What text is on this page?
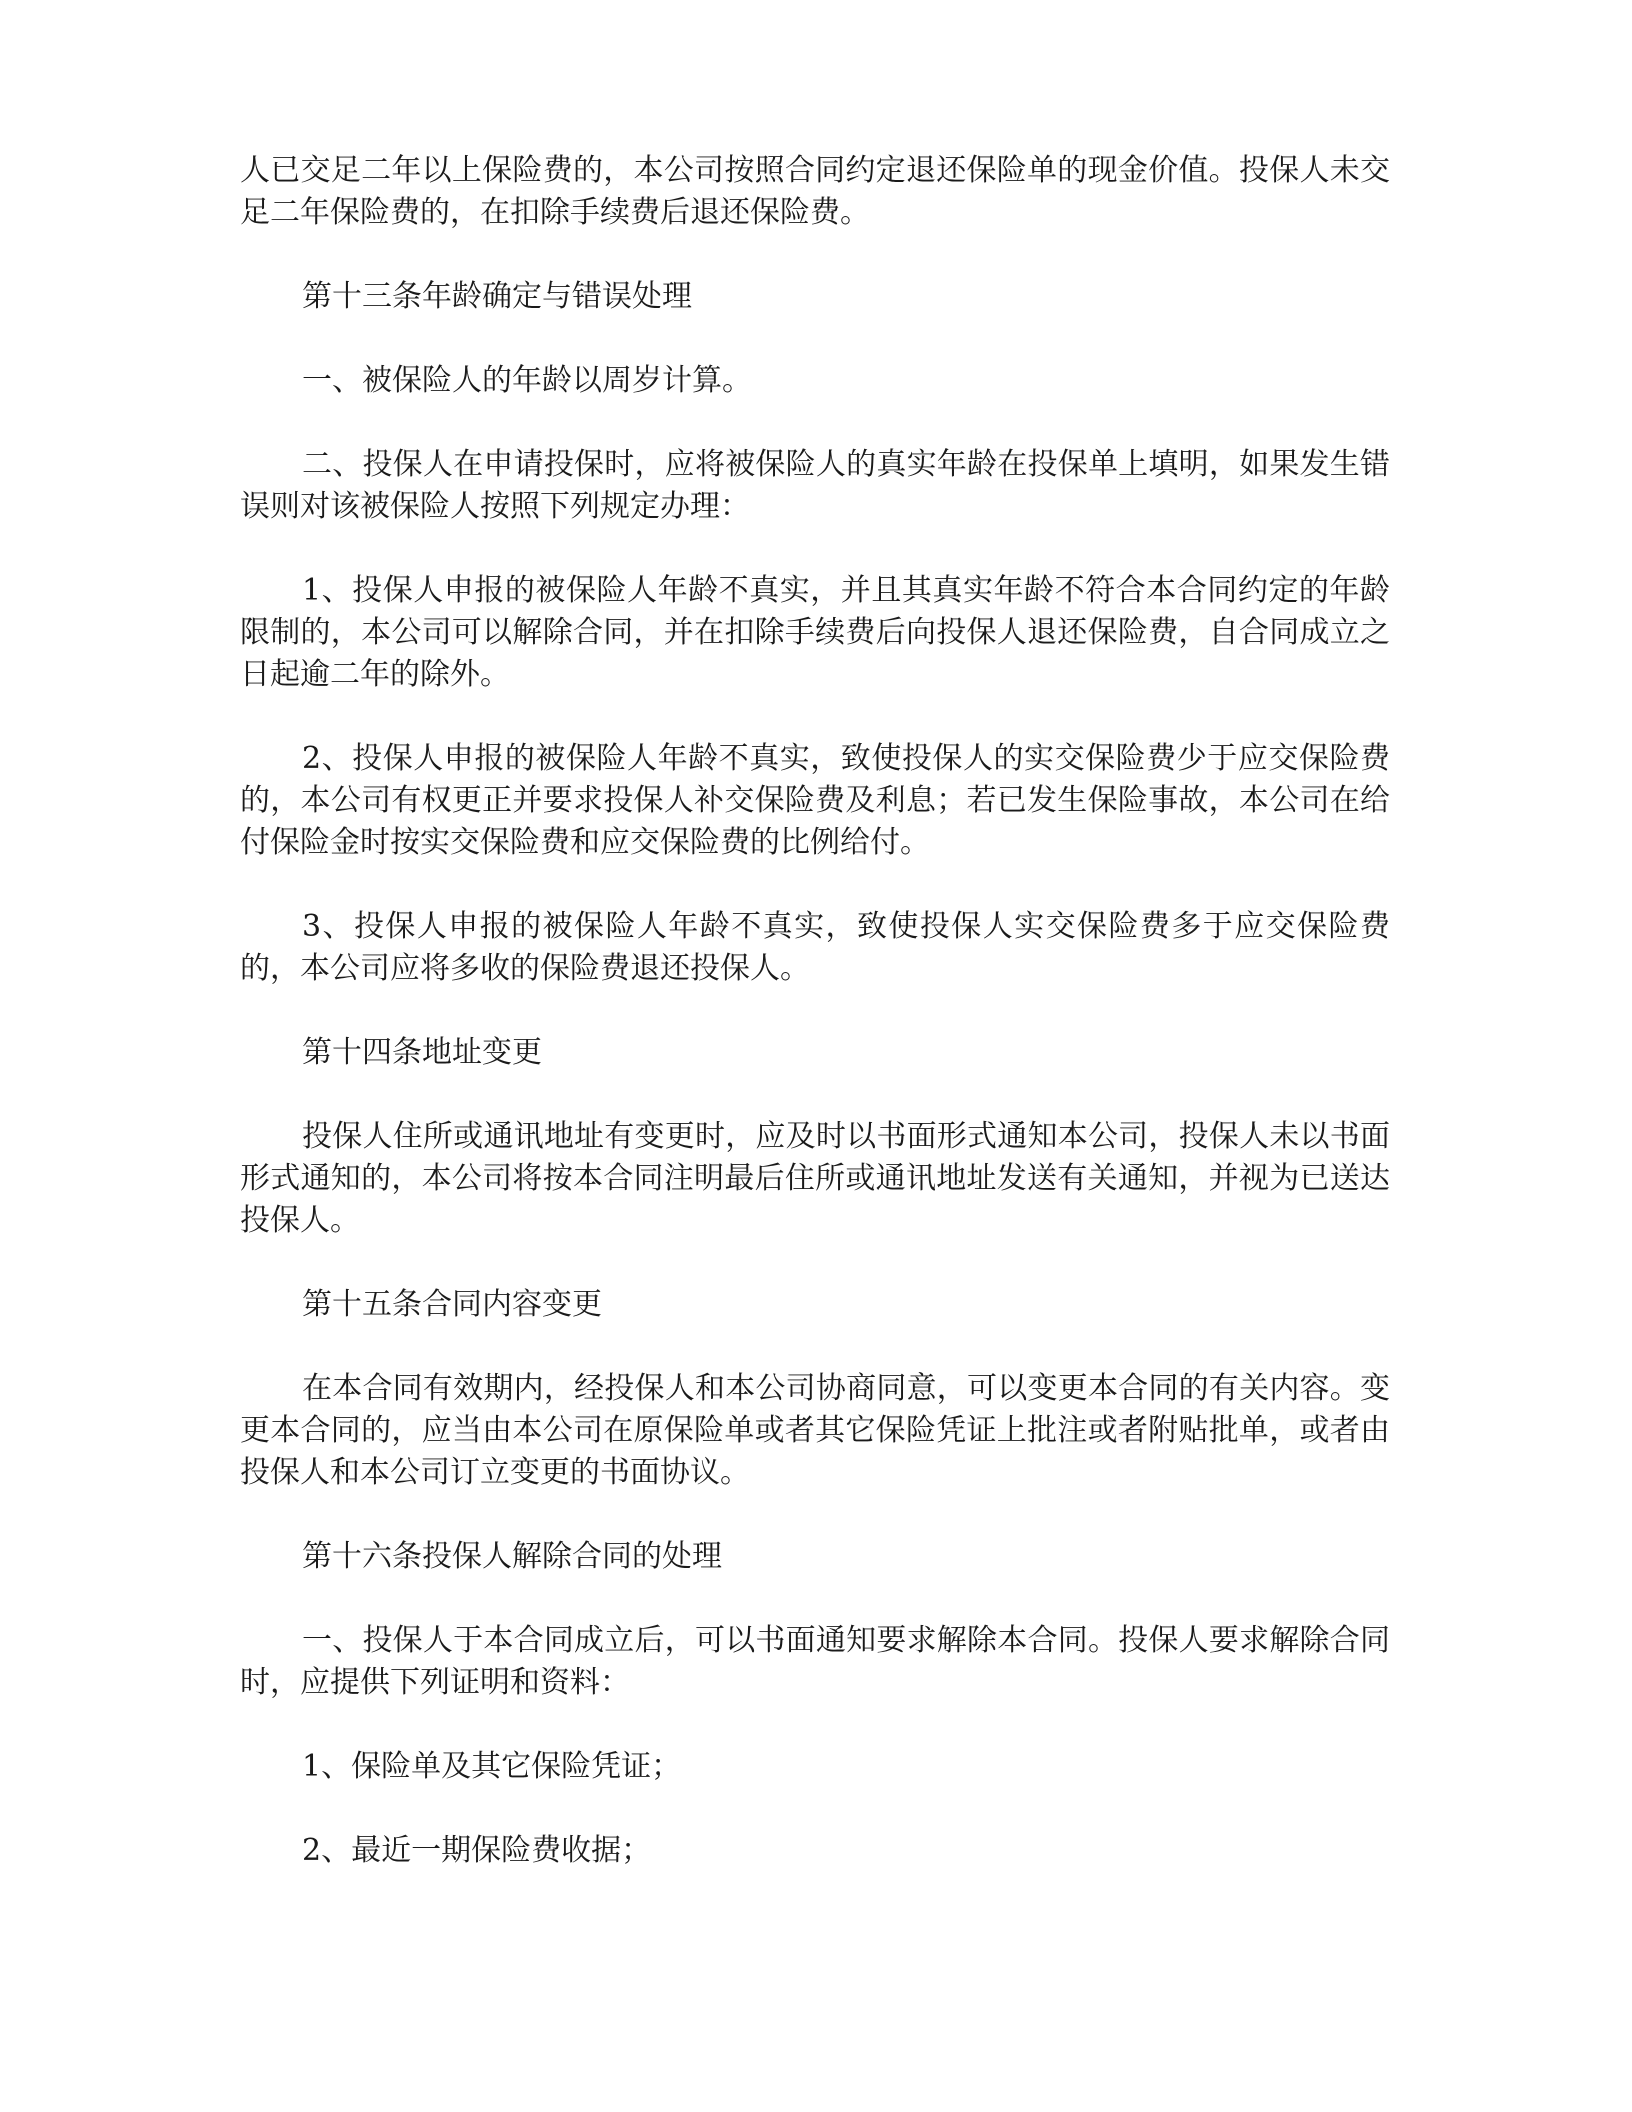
人已交足二年以上保险费的，本公司按照合同约定退还保险单的现金价值。投保人未交足二年保险费的，在扣除手续费后退还保险费。

第十三条年龄确定与错误处理

一、被保险人的年龄以周岁计算。

二、投保人在申请投保时，应将被保险人的真实年龄在投保单上填明，如果发生错误则对该被保险人按照下列规定办理：

1、投保人申报的被保险人年龄不真实，并且其真实年龄不符合本合同约定的年龄限制的，本公司可以解除合同，并在扣除手续费后向投保人退还保险费，自合同成立之日起逾二年的除外。

2、投保人申报的被保险人年龄不真实，致使投保人的实交保险费少于应交保险费的，本公司有权更正并要求投保人补交保险费及利息；若已发生保险事故，本公司在给付保险金时按实交保险费和应交保险费的比例给付。

3、投保人申报的被保险人年龄不真实，致使投保人实交保险费多于应交保险费的，本公司应将多收的保险费退还投保人。

第十四条地址变更

投保人住所或通讯地址有变更时，应及时以书面形式通知本公司，投保人未以书面形式通知的，本公司将按本合同注明最后住所或通讯地址发送有关通知，并视为已送达投保人。

第十五条合同内容变更

在本合同有效期内，经投保人和本公司协商同意，可以变更本合同的有关内容。变更本合同的，应当由本公司在原保险单或者其它保险凭证上批注或者附贴批单，或者由投保人和本公司订立变更的书面协议。

第十六条投保人解除合同的处理

一、投保人于本合同成立后，可以书面通知要求解除本合同。投保人要求解除合同时，应提供下列证明和资料：

1、保险单及其它保险凭证；

2、最近一期保险费收据；
